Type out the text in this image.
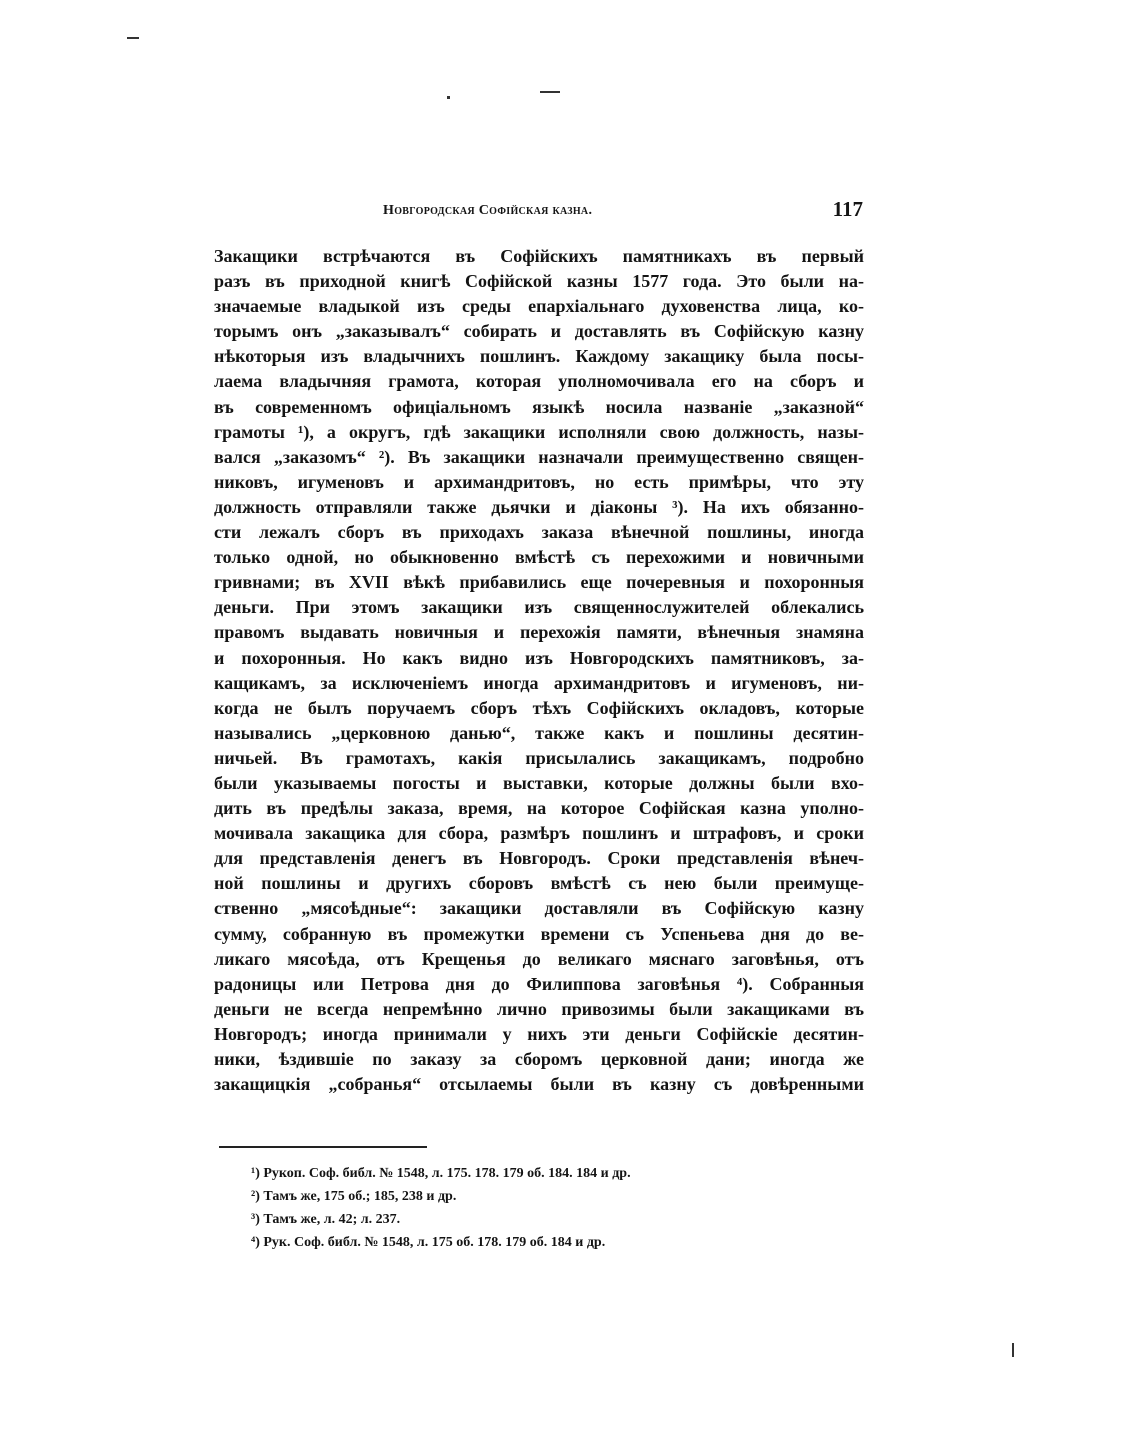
Новгородская Софійская казна.	117
Закащики встрѣчаются въ Софійскихъ памятникахъ въ первый
разъ въ приходной книгѣ Софійской казны 1577 года. Это были на-
значаемые владыкой изъ среды епархіальнаго духовенства лица, ко-
торымъ онъ „заказывалъ“ собирать и доставлять въ Софійскую казну
нѣкоторыя изъ владычнихъ пошлинъ. Каждому закащику была посы-
лаема владычняя грамота, которая уполномочивала его на сборъ и
въ современномъ офиціальномъ языкѣ носила названіе „заказной“
грамоты ¹), а округъ, гдѣ закащики исполняли свою должность, назы-
вался „заказомъ“ ²). Въ закащики назначали преимущественно священ-
никовъ, игуменовъ и архимандритовъ, но есть примѣры, что эту
должность отправляли также дьячки и діаконы ³). На ихъ обязанно-
сти лежалъ сборъ въ приходахъ заказа вѣнечной пошлины, иногда
только одной, но обыкновенно вмѣстѣ съ перехожими и новичными
гривнами; въ XVII вѣкѣ прибавились еще почеревныя и похоронныя
деньги. При этомъ закащики изъ священнослужителей облекались
правомъ выдавать новичныя и перехожія памяти, вѣнечныя знамяна
и похоронныя. Но какъ видно изъ Новгородскихъ памятниковъ, за-
кащикамъ, за исключеніемъ иногда архимандритовъ и игуменовъ, ни-
когда не былъ поручаемъ сборъ тѣхъ Софійскихъ окладовъ, которые
назывались „церковною данью“, также какъ и пошлины десятин-
ничьей. Въ грамотахъ, какія присылались закащикамъ, подробно
были указываемы погосты и выставки, которые должны были вхо-
дить въ предѣлы заказа, время, на которое Софійская казна уполно-
мочивала закащика для сбора, размѣръ пошлинъ и штрафовъ, и сроки
для представленія денегъ въ Новгородъ. Сроки представленія вѣнеч-
ной пошлины и другихъ сборовъ вмѣстѣ съ нею были преимуще-
ственно „мясоѣдные“: закащики доставляли въ Софійскую казну
сумму, собранную въ промежутки времени съ Успеньева дня до ве-
ликаго мясоѣда, отъ Крещенья до великаго мяснаго заговѣнья, отъ
радоницы или Петрова дня до Филиппова заговѣнья ⁴). Собранныя
деньги не всегда непремѣнно лично привозимы были закащиками въ
Новгородъ; иногда принимали у нихъ эти деньги Софійскіе десятин-
ники, ѣздившіе по заказу за сборомъ церковной дани; иногда же
закащицкія „собранья“ отсылаемы были въ казну съ довѣренными
¹) Рукоп. Соф. библ. № 1548, л. 175. 178. 179 об. 184. 184 и др.
²) Тамъ же, 175 об.; 185, 238 и др.
³) Тамъ же, л. 42; л. 237.
⁴) Рук. Соф. библ. № 1548, л. 175 об. 178. 179 об. 184 и др.
